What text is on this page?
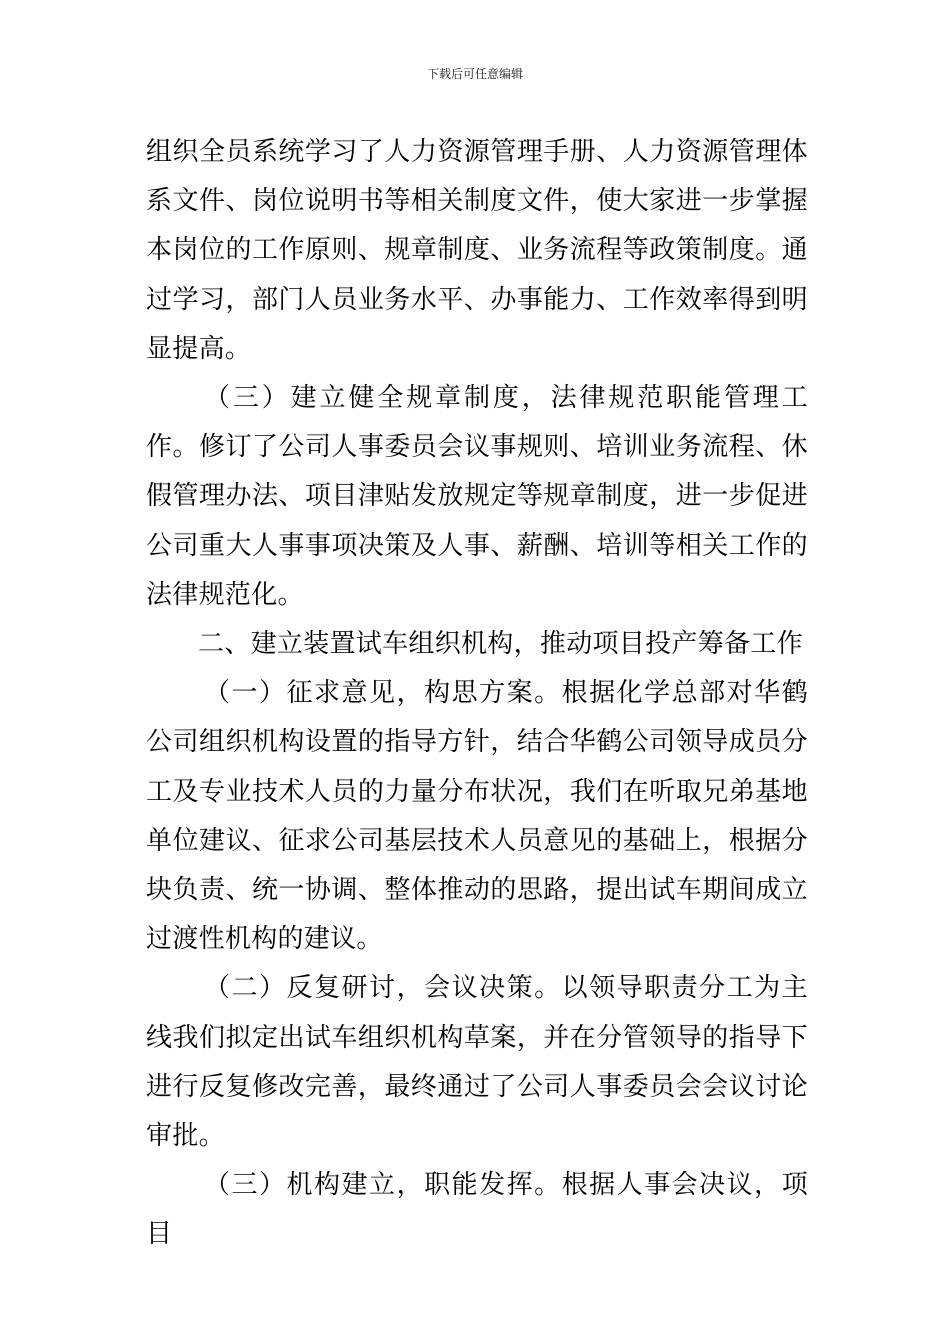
下载后可任意编辑

组织全员系统学习了人力资源管理手册、人力资源管理体系文件、岗位说明书等相关制度文件，使大家进一步掌握本岗位的工作原则、规章制度、业务流程等政策制度。通过学习，部门人员业务水平、办事能力、工作效率得到明显提高。

（三）建立健全规章制度，法律规范职能管理工作。修订了公司人事委员会议事规则、培训业务流程、休假管理办法、项目津贴发放规定等规章制度，进一步促进公司重大人事事项决策及人事、薪酬、培训等相关工作的法律规范化。

二、建立装置试车组织机构，推动项目投产筹备工作

（一）征求意见，构思方案。根据化学总部对华鹤公司组织机构设置的指导方针，结合华鹤公司领导成员分工及专业技术人员的力量分布状况，我们在听取兄弟基地单位建议、征求公司基层技术人员意见的基础上，根据分块负责、统一协调、整体推动的思路，提出试车期间成立过渡性机构的建议。

（二）反复研讨，会议决策。以领导职责分工为主线我们拟定出试车组织机构草案，并在分管领导的指导下进行反复修改完善，最终通过了公司人事委员会会议讨论审批。

（三）机构建立，职能发挥。根据人事会决议，项目
